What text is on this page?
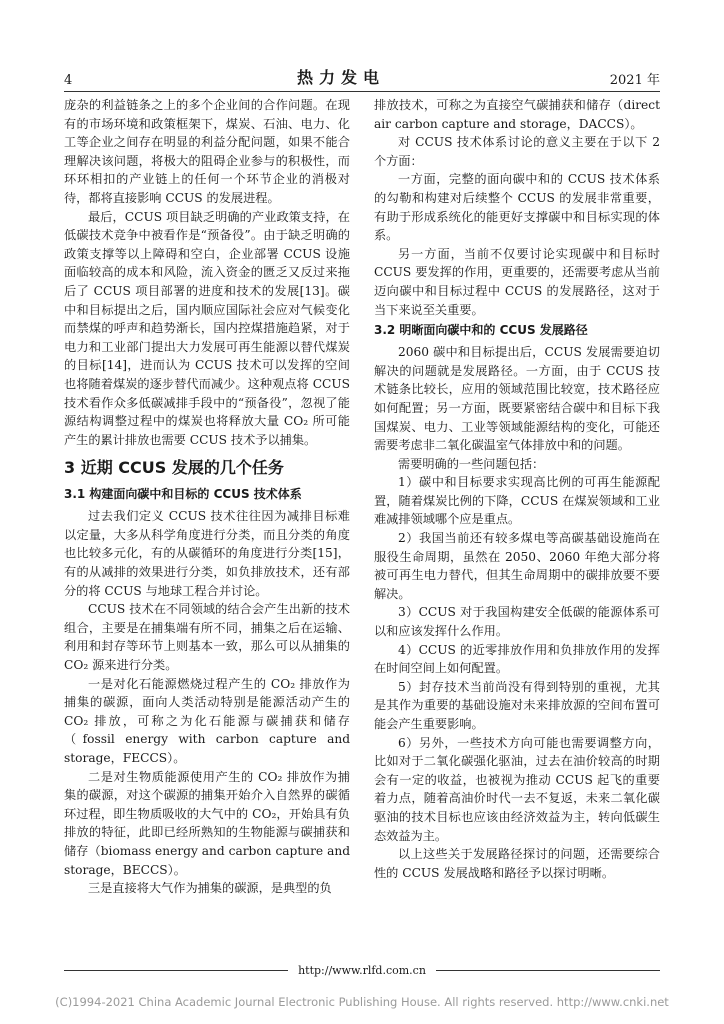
4	热力发电	2021 年

庞杂的利益链条之上的多个企业间的合作问题。在现有的市场环境和政策框架下，煤炭、石油、电力、化工等企业之间存在明显的利益分配问题，如果不能合理解决该问题，将极大的阻碍企业参与的积极性，而环环相扣的产业链上的任何一个环节企业的消极对待，都将直接影响 CCUS 的发展进程。

最后，CCUS 项目缺乏明确的产业政策支持，在低碳技术竞争中被看作是“预备役”。由于缺乏明确的政策支撑等以上障碍和空白，企业部署 CCUS 设施面临较高的成本和风险，流入资金的匮乏又反过来拖后了 CCUS 项目部署的进度和技术的发展[13]。碳中和目标提出之后，国内顺应国际社会应对气候变化而禁煤的呼声和趋势渐长，国内控煤措施趋紧，对于电力和工业部门提出大力发展可再生能源以替代煤炭的目标[14]，进而认为 CCUS 技术可以发挥的空间也将随着煤炭的逐步替代而减少。这种观点将 CCUS 技术看作众多低碳减排手段中的“预备役”，忽视了能源结构调整过程中的煤炭也将释放大量 CO₂ 所可能产生的累计排放也需要 CCUS 技术予以捕集。

3 近期 CCUS 发展的几个任务
3.1 构建面向碳中和目标的 CCUS 技术体系

过去我们定义 CCUS 技术往往因为减排目标难以定量，大多从科学角度进行分类，而且分类的角度也比较多元化，有的从碳循环的角度进行分类[15]，有的从减排的效果进行分类，如负排放技术，还有部分的将 CCUS 与地球工程合并讨论。

CCUS 技术在不同领域的结合会产生出新的技术组合，主要是在捕集端有所不同，捕集之后在运输、利用和封存等环节上则基本一致，那么可以从捕集的 CO₂ 源来进行分类。

一是对化石能源燃烧过程产生的 CO₂ 排放作为捕集的碳源，面向人类活动特别是能源活动产生的 CO₂ 排放，可称之为化石能源与碳捕获和储存（fossil energy with carbon capture and storage，FECCS）。

二是对生物质能源使用产生的 CO₂ 排放作为捕集的碳源，对这个碳源的捕集开始介入自然界的碳循环过程，即生物质吸收的大气中的 CO₂，开始具有负排放的特征，此即已经所熟知的生物能源与碳捕获和储存（biomass energy and carbon capture and storage，BECCS）。

三是直接将大气作为捕集的碳源，是典型的负

排放技术，可称之为直接空气碳捕获和储存（direct air carbon capture and storage，DACCS）。

对 CCUS 技术体系讨论的意义主要在于以下 2 个方面：

一方面，完整的面向碳中和的 CCUS 技术体系的勾勒和构建对后续整个 CCUS 的发展非常重要，有助于形成系统化的能更好支撑碳中和目标实现的体系。

另一方面，当前不仅要讨论实现碳中和目标时 CCUS 要发挥的作用，更重要的，还需要考虑从当前迈向碳中和目标过程中 CCUS 的发展路径，这对于当下来说至关重要。

3.2 明晰面向碳中和的 CCUS 发展路径

2060 碳中和目标提出后，CCUS 发展需要迫切解决的问题就是发展路径。一方面，由于 CCUS 技术链条比较长，应用的领域范围比较宽，技术路径应如何配置；另一方面，既要紧密结合碳中和目标下我国煤炭、电力、工业等领域能源结构的变化，可能还需要考虑非二氧化碳温室气体排放中和的问题。

需要明确的一些问题包括：

1）碳中和目标要求实现高比例的可再生能源配置，随着煤炭比例的下降，CCUS 在煤炭领域和工业难减排领域哪个应是重点。

2）我国当前还有较多煤电等高碳基础设施尚在服役生命周期，虽然在 2050、2060 年绝大部分将被可再生电力替代，但其生命周期中的碳排放要不要解决。

3）CCUS 对于我国构建安全低碳的能源体系可以和应该发挥什么作用。

4）CCUS 的近零排放作用和负排放作用的发挥在时间空间上如何配置。

5）封存技术当前尚没有得到特别的重视，尤其是其作为重要的基础设施对未来排放源的空间布置可能会产生重要影响。

6）另外，一些技术方向可能也需要调整方向，比如对于二氧化碳强化驱油，过去在油价较高的时期会有一定的收益，也被视为推动 CCUS 起飞的重要着力点，随着高油价时代一去不复返，未来二氧化碳驱油的技术目标也应该由经济效益为主，转向低碳生态效益为主。

以上这些关于发展路径探讨的问题，还需要综合性的 CCUS 发展战略和路径予以探讨明晰。

http://www.rlfd.com.cn
(C)1994-2021 China Academic Journal Electronic Publishing House. All rights reserved. http://www.cnki.net
